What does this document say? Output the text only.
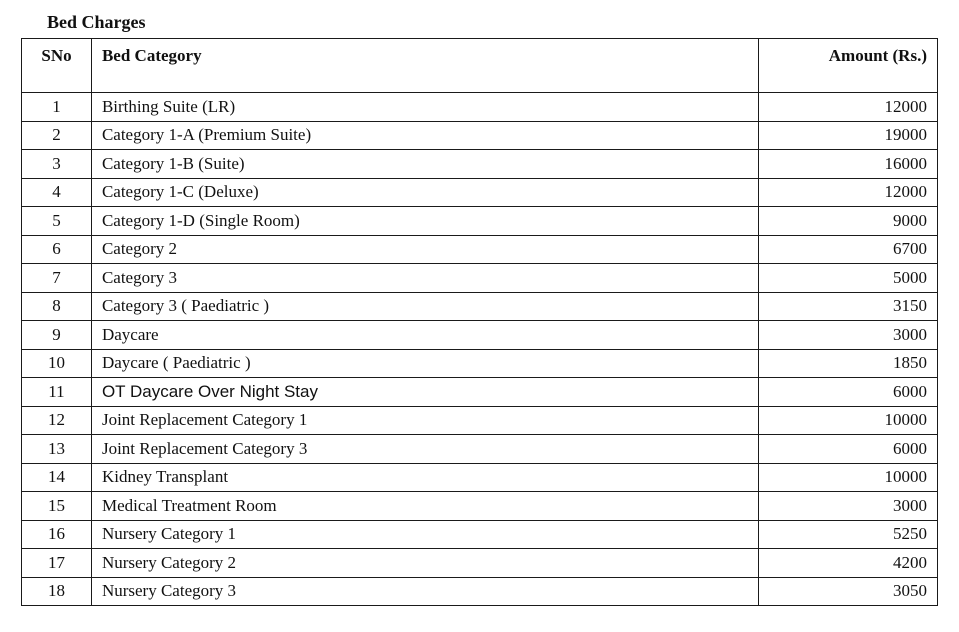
Bed Charges
SNo	Bed Category	Amount (Rs.)
1	Birthing Suite (LR)	12000
2	Category 1-A (Premium Suite)	19000
3	Category 1-B (Suite)	16000
4	Category 1-C (Deluxe)	12000
5	Category 1-D (Single Room)	9000
6	Category 2	6700
7	Category 3	5000
8	Category 3 ( Paediatric )	3150
9	Daycare	3000
10	Daycare ( Paediatric )	1850
11	OT Daycare Over Night Stay	6000
12	Joint Replacement Category 1	10000
13	Joint Replacement Category 3	6000
14	Kidney Transplant	10000
15	Medical Treatment Room	3000
16	Nursery Category 1	5250
17	Nursery Category 2	4200
18	Nursery Category 3	3050
